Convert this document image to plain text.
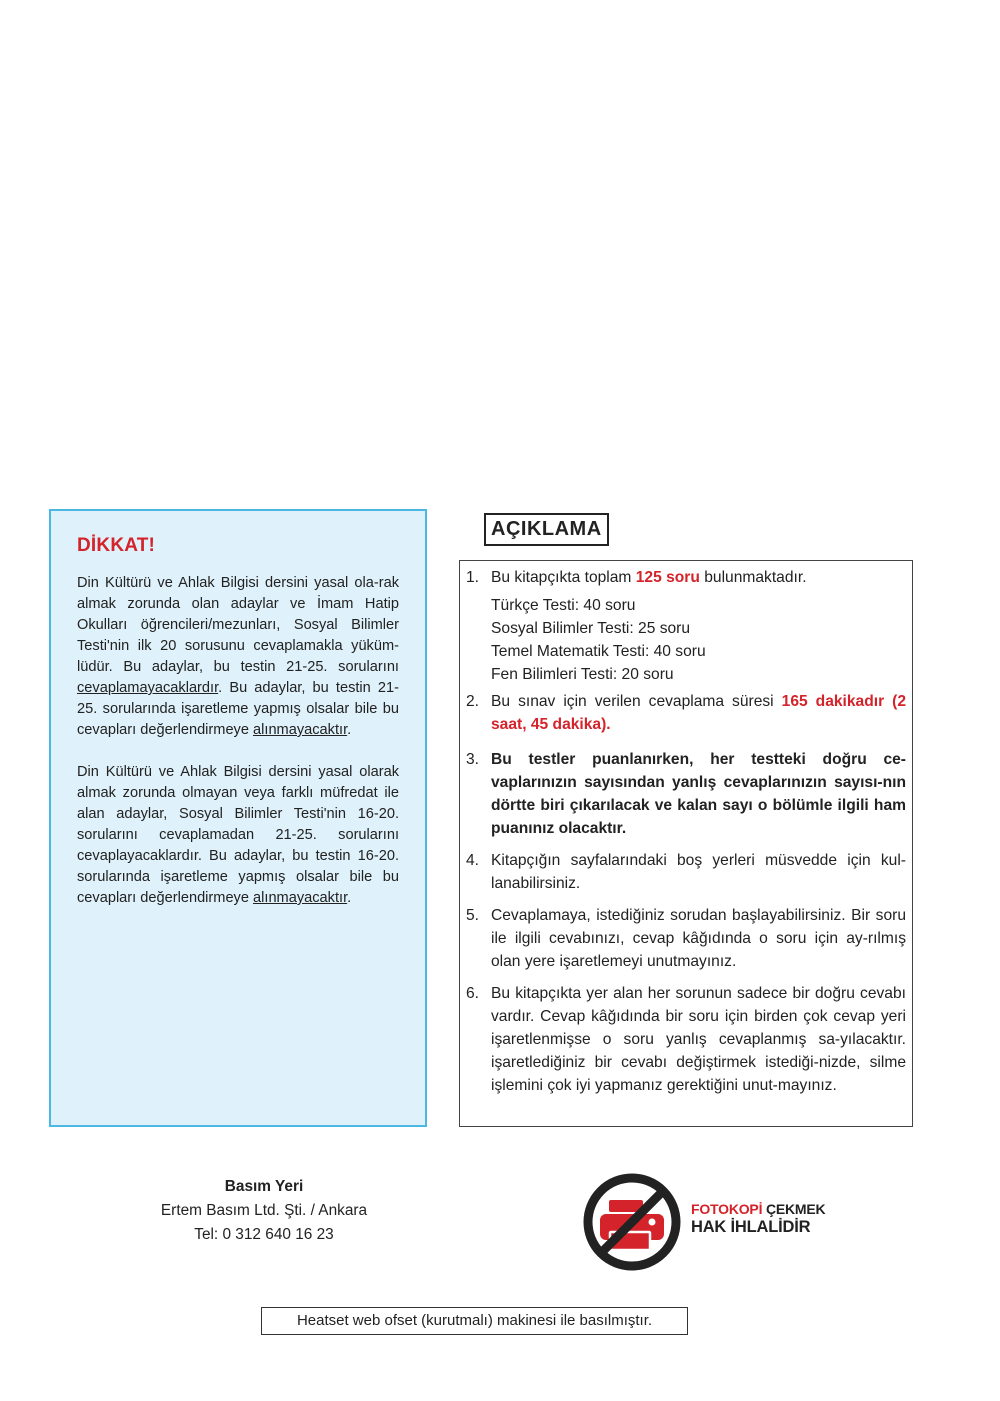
DİKKAT!

Din Kültürü ve Ahlak Bilgisi dersini yasal ola-rak almak zorunda olan adaylar ve İmam Hatip Okulları öğrencileri/mezunları, Sosyal Bilimler Testi'nin ilk 20 sorusunu cevaplamakla yüküm-lüdür. Bu adaylar, bu testin 21-25. sorularını cevaplamayacaklardır. Bu adaylar, bu testin 21-25. sorularında işaretleme yapmış olsalar bile bu cevapları değerlendirmeye alınmayacaktır.

Din Kültürü ve Ahlak Bilgisi dersini yasal olarak almak zorunda olmayan veya farklı müfredat ile alan adaylar, Sosyal Bilimler Testi'nin 16-20. sorularını cevaplamadan 21-25. sorularını cevaplayacaklardır. Bu adaylar, bu testin 16-20. sorularında işaretleme yapmış olsalar bile bu cevapları değerlendirmeye alınmayacaktır.

AÇIKLAMA
1. Bu kitapçıkta toplam 125 soru bulunmaktadır.
Türkçe Testi: 40 soru
Sosyal Bilimler Testi: 25 soru
Temel Matematik Testi: 40 soru
Fen Bilimleri Testi: 20 soru
2. Bu sınav için verilen cevaplama süresi 165 dakikadır (2 saat, 45 dakika).
3. Bu testler puanlanırken, her testteki doğru ce-vaplarınızın sayısından yanlış cevaplarınızın sayısı-nın dörtte biri çıkarılacak ve kalan sayı o bölümle ilgili ham puanınız olacaktır.
4. Kitapçığın sayfalarındaki boş yerleri müsvedde için kul-lanabilirsiniz.
5. Cevaplamaya, istediğiniz sorudan başlayabilirsiniz. Bir soru ile ilgili cevabınızı, cevap kâğıdında o soru için ay-rılmış olan yere işaretlemeyi unutmayınız.
6. Bu kitapçıkta yer alan her sorunun sadece bir doğru cevabı vardır. Cevap kâğıdında bir soru için birden çok cevap yeri işaretlenmişse o soru yanlış cevaplanmış sa-yılacaktır. işaretlediğiniz bir cevabı değiştirmek istediği-nizde, silme işlemini çok iyi yapmanız gerektiğini unut-mayınız.
Basım Yeri
Ertem Basım Ltd. Şti. / Ankara
Tel: 0 312 640 16 23
FOTOKOPİ ÇEKMEK
HAK İHLALİDİR
Heatset web ofset (kurutmalı) makinesi ile basılmıştır.
